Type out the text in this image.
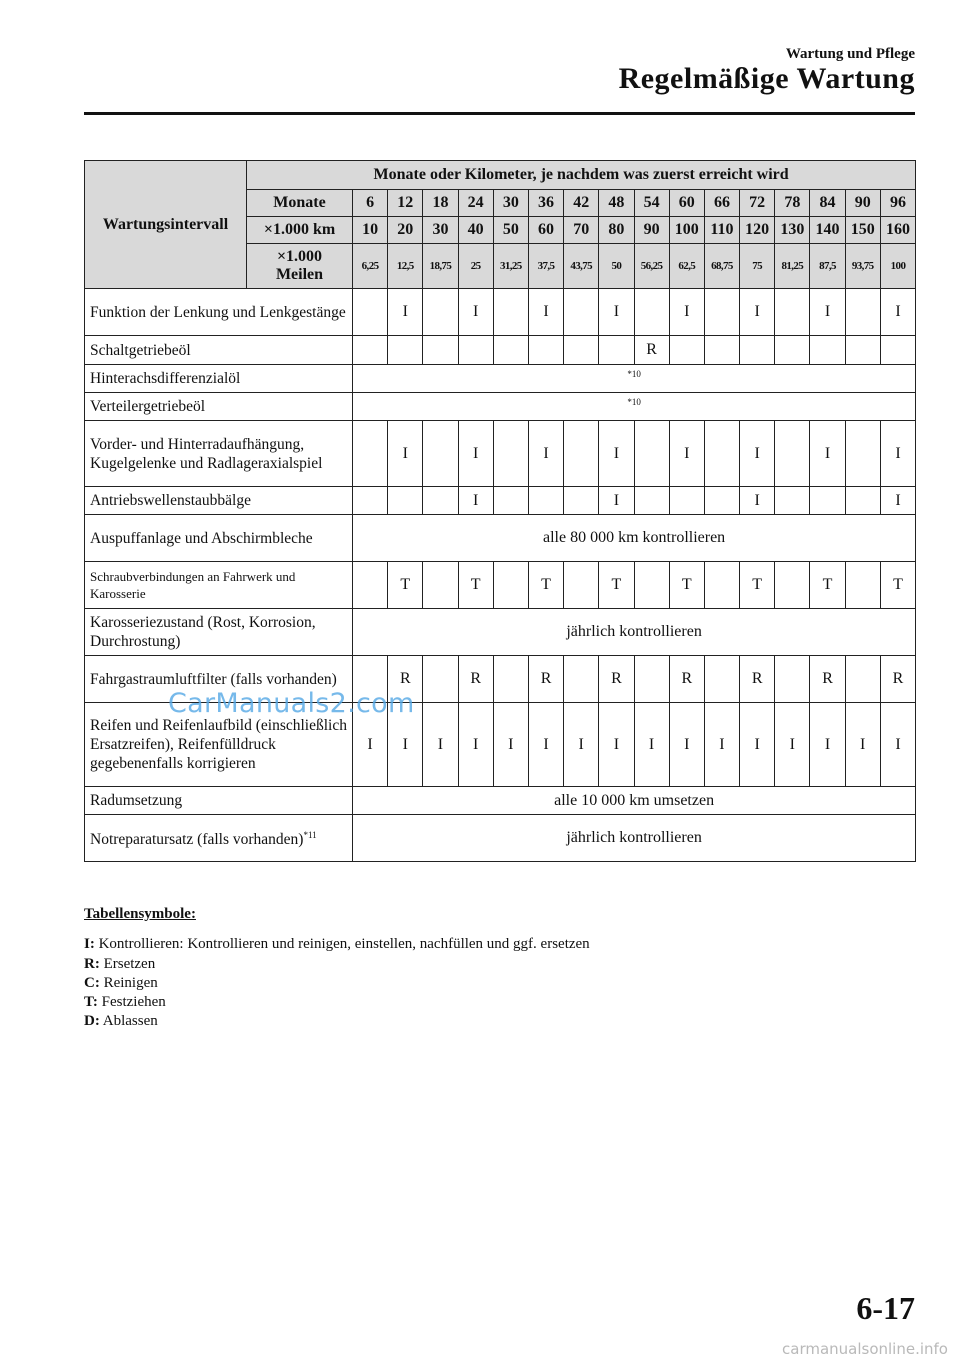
Wartung und Pflege
Regelmäßige Wartung
Wartungsintervall	Monate oder Kilometer, je nachdem was zuerst erreicht wird																
	Monate	6	12	18	24	30	36	42	48	54	60	66	72	78	84	90	96
	×1.000 km	10	20	30	40	50	60	70	80	90	100	110	120	130	140	150	160
	×1.000
Meilen	6,25	12,5	18,75	25	31,25	37,5	43,75	50	56,25	62,5	68,75	75	81,25	87,5	93,75	100
Funktion der Lenkung und Lenkgestänge			I		I		I		I		I		I		I		I
Schaltgetriebeöl										R							
Hinterachsdifferenzialöl		*10															
Verteilergetriebeöl		*10															
Vorder- und Hinterradaufhängung, Kugelgelenke und Radlageraxialspiel			I		I		I		I		I		I		I		I
Antriebswellenstaubbälge					I				I				I				I
Auspuffanlage und Abschirmbleche		alle 80 000 km kontrollieren															
Schraubverbindungen an Fahrwerk und Karosserie			T		T		T		T		T		T		T		T
Karosseriezustand (Rost, Korrosion, Durchrostung)		jährlich kontrollieren															
Fahrgastraumluftfilter (falls vorhanden)			R		R		R		R		R		R		R		R
Reifen und Reifenlaufbild (einschließlich Ersatzreifen), Reifenfülldruck gegebenenfalls korrigieren		I	I	I	I	I	I	I	I	I	I	I	I	I	I	I	I
Radumsetzung		alle 10 000 km umsetzen															
Notreparatursatz (falls vorhanden)$^{*11}$		jährlich kontrollieren															
Tabellensymbole:
I: Kontrollieren: Kontrollieren und reinigen, einstellen, nachfüllen und ggf. ersetzen
R: Ersetzen
C: Reinigen
T: Festziehen
D: Ablassen
CarManuals2.com
6-17
carmanualsonline.info
